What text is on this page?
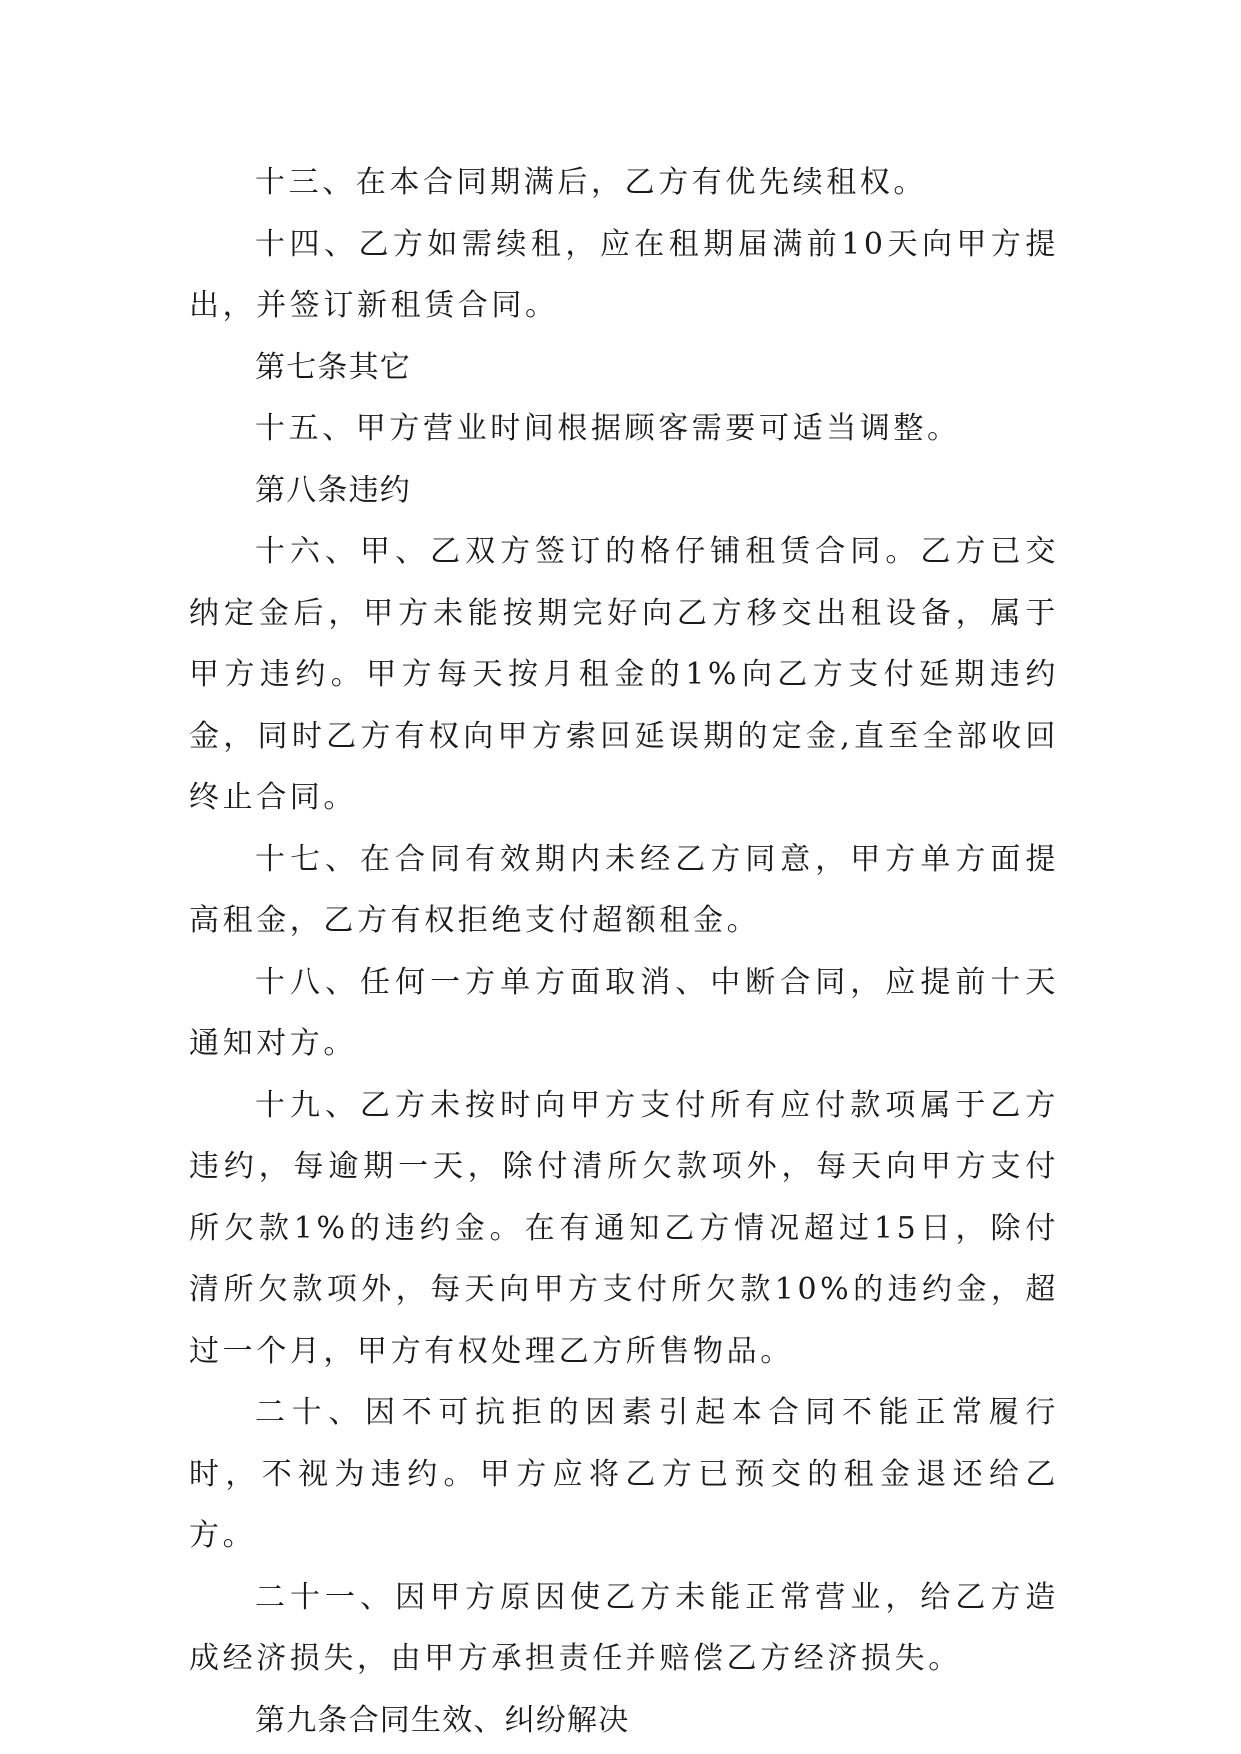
十三、在本合同期满后，乙方有优先续租权。

十四、乙方如需续租，应在租期届满前10天向甲方提出，并签订新租赁合同。

第七条其它

十五、甲方营业时间根据顾客需要可适当调整。

第八条违约

十六、甲、乙双方签订的格仔铺租赁合同。乙方已交纳定金后，甲方未能按期完好向乙方移交出租设备，属于甲方违约。甲方每天按月租金的1%向乙方支付延期违约金，同时乙方有权向甲方索回延误期的定金,直至全部收回终止合同。

十七、在合同有效期内未经乙方同意，甲方单方面提高租金，乙方有权拒绝支付超额租金。

十八、任何一方单方面取消、中断合同，应提前十天通知对方。

十九、乙方未按时向甲方支付所有应付款项属于乙方违约，每逾期一天，除付清所欠款项外，每天向甲方支付所欠款1%的违约金。在有通知乙方情况超过15日，除付清所欠款项外，每天向甲方支付所欠款10%的违约金，超过一个月，甲方有权处理乙方所售物品。

二十、因不可抗拒的因素引起本合同不能正常履行时，不视为违约。甲方应将乙方已预交的租金退还给乙方。

二十一、因甲方原因使乙方未能正常营业，给乙方造成经济损失，由甲方承担责任并赔偿乙方经济损失。

第九条合同生效、纠纷解决
